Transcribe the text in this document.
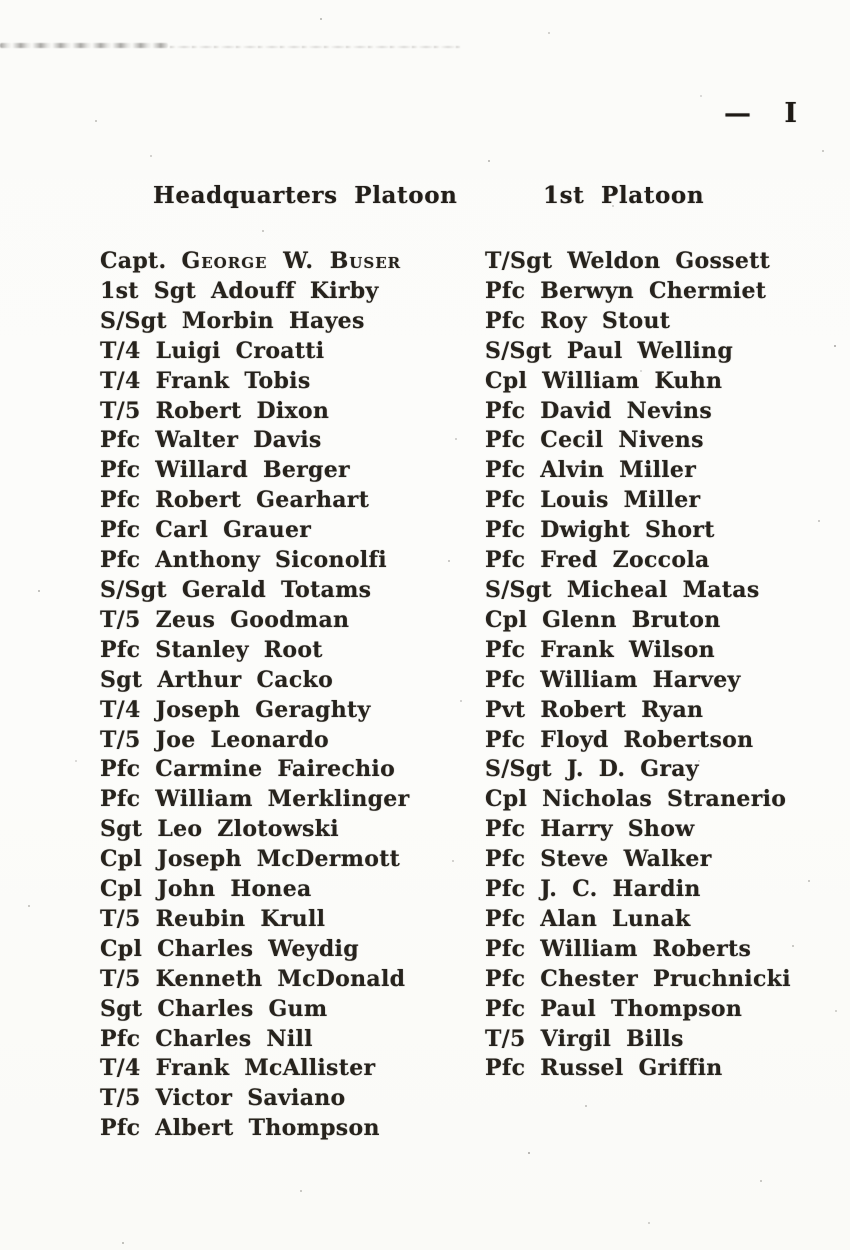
— I
Headquarters Platoon
Capt. George W. Buser
1st Sgt Adouff Kirby
S/Sgt Morbin Hayes
T/4 Luigi Croatti
T/4 Frank Tobis
T/5 Robert Dixon
Pfc Walter Davis
Pfc Willard Berger
Pfc Robert Gearhart
Pfc Carl Grauer
Pfc Anthony Siconolfi
S/Sgt Gerald Totams
T/5 Zeus Goodman
Pfc Stanley Root
Sgt Arthur Cacko
T/4 Joseph Geraghty
T/5 Joe Leonardo
Pfc Carmine Fairechio
Pfc William Merklinger
Sgt Leo Zlotowski
Cpl Joseph McDermott
Cpl John Honea
T/5 Reubin Krull
Cpl Charles Weydig
T/5 Kenneth McDonald
Sgt Charles Gum
Pfc Charles Nill
T/4 Frank McAllister
T/5 Victor Saviano
Pfc Albert Thompson
1st Platoon
T/Sgt Weldon Gossett
Pfc Berwyn Chermiet
Pfc Roy Stout
S/Sgt Paul Welling
Cpl William Kuhn
Pfc David Nevins
Pfc Cecil Nivens
Pfc Alvin Miller
Pfc Louis Miller
Pfc Dwight Short
Pfc Fred Zoccola
S/Sgt Micheal Matas
Cpl Glenn Bruton
Pfc Frank Wilson
Pfc William Harvey
Pvt Robert Ryan
Pfc Floyd Robertson
S/Sgt J. D. Gray
Cpl Nicholas Stranerio
Pfc Harry Show
Pfc Steve Walker
Pfc J. C. Hardin
Pfc Alan Lunak
Pfc William Roberts
Pfc Chester Pruchnicki
Pfc Paul Thompson
T/5 Virgil Bills
Pfc Russel Griffin
